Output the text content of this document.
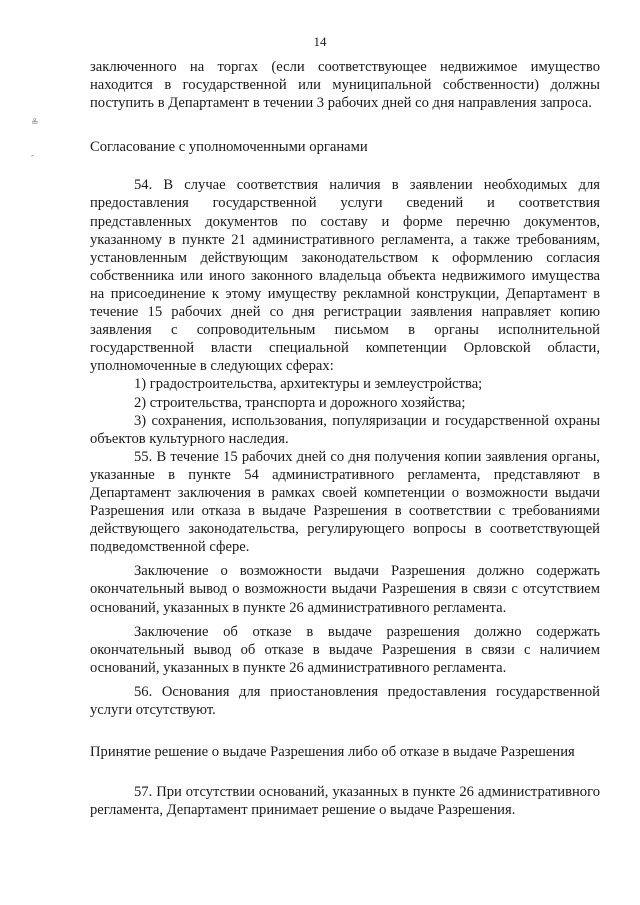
14
≗
-

заключенного на торгах (если соответствующее недвижимое имущество находится в государственной или муниципальной собственности) должны поступить в Департамент в течении 3 рабочих дней со дня направления запроса.

Согласование с уполномоченными органами

54. В случае соответствия наличия в заявлении необходимых для предоставления государственной услуги сведений и соответствия представленных документов по составу и форме перечню документов, указанному в пункте 21 административного регламента, а также требованиям, установленным действующим законодательством к оформлению согласия собственника или иного законного владельца объекта недвижимого имущества на присоединение к этому имуществу рекламной конструкции, Департамент в течение 15 рабочих дней со дня регистрации заявления направляет копию заявления с сопроводительным письмом в органы исполнительной государственной власти специальной компетенции Орловской области, уполномоченные в следующих сферах:

1) градостроительства, архитектуры и землеустройства;

2) строительства, транспорта и дорожного хозяйства;

3) сохранения, использования, популяризации и государственной охраны объектов культурного наследия.

55. В течение 15 рабочих дней со дня получения копии заявления органы, указанные в пункте 54 административного регламента, представляют в Департамент заключения в рамках своей компетенции о возможности выдачи Разрешения или отказа в выдаче Разрешения в соответствии с требованиями действующего законодательства, регулирующего вопросы в соответствующей подведомственной сфере.

Заключение о возможности выдачи Разрешения должно содержать окончательный вывод о возможности выдачи Разрешения в связи с отсутствием оснований, указанных в пункте 26 административного регламента.

Заключение об отказе в выдаче разрешения должно содержать окончательный вывод об отказе в выдаче Разрешения в связи с наличием оснований, указанных в пункте 26 административного регламента.

56. Основания для приостановления предоставления государственной услуги отсутствуют.

Принятие решение о выдаче Разрешения либо об отказе в выдаче Разрешения

57. При отсутствии оснований, указанных в пункте 26 административного регламента, Департамент принимает решение о выдаче Разрешения.
